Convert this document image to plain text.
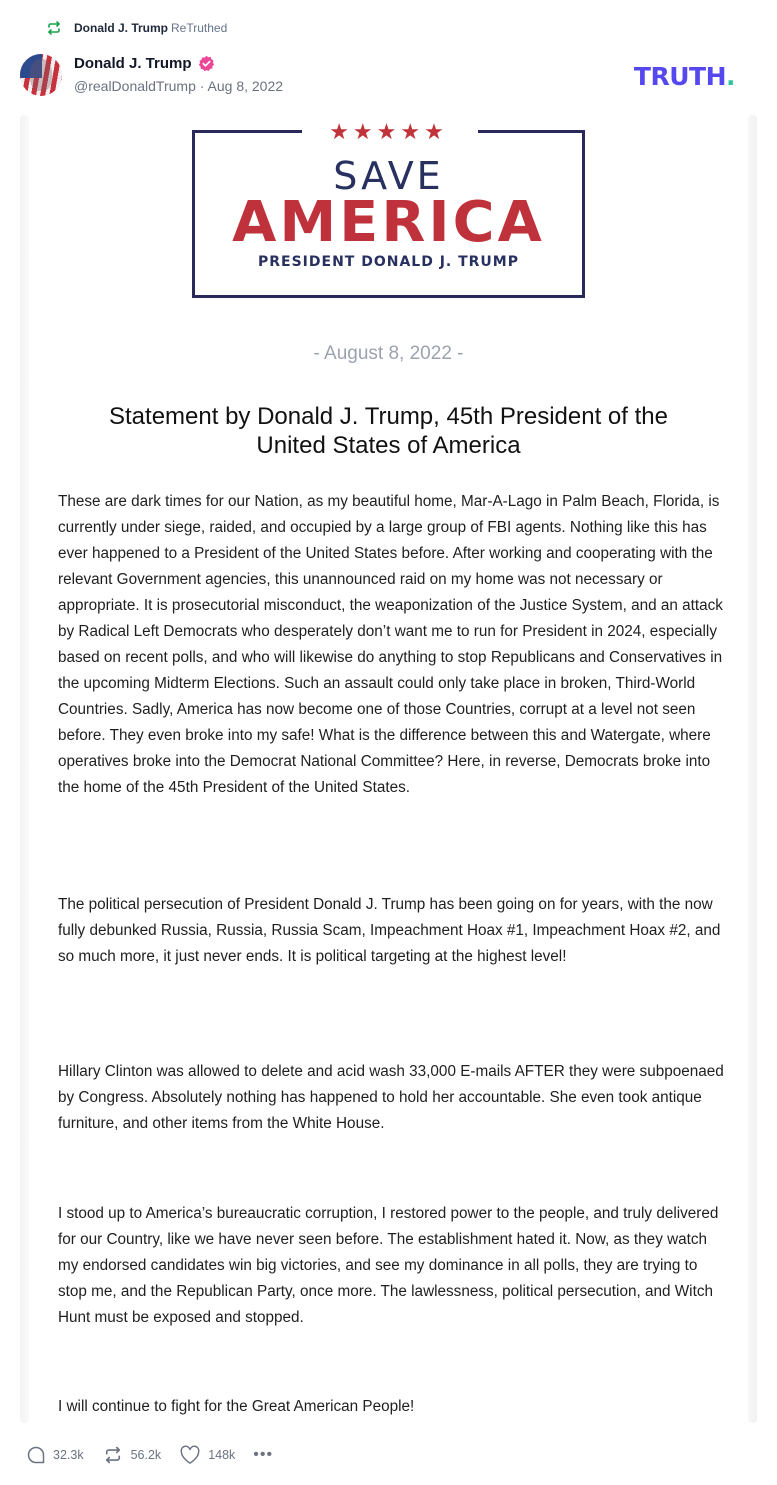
Donald J. Trump ReTruthed
Donald J. Trump
@realDonaldTrump · Aug 8, 2022	TRUTH.
★★★★★
SAVE
AMERICA
PRESIDENT DONALD J. TRUMP
- August 8, 2022 -
Statement by Donald J. Trump, 45th President of the United States of America
These are dark times for our Nation, as my beautiful home, Mar-A-Lago in Palm Beach, Florida, is currently under siege, raided, and occupied by a large group of FBI agents. Nothing like this has ever happened to a President of the United States before. After working and cooperating with the relevant Government agencies, this unannounced raid on my home was not necessary or appropriate. It is prosecutorial misconduct, the weaponization of the Justice System, and an attack by Radical Left Democrats who desperately don’t want me to run for President in 2024, especially based on recent polls, and who will likewise do anything to stop Republicans and Conservatives in the upcoming Midterm Elections. Such an assault could only take place in broken, Third-World Countries. Sadly, America has now become one of those Countries, corrupt at a level not seen before. They even broke into my safe! What is the difference between this and Watergate, where operatives broke into the Democrat National Committee? Here, in reverse, Democrats broke into the home of the 45th President of the United States.
The political persecution of President Donald J. Trump has been going on for years, with the now fully debunked Russia, Russia, Russia Scam, Impeachment Hoax #1, Impeachment Hoax #2, and so much more, it just never ends. It is political targeting at the highest level!
Hillary Clinton was allowed to delete and acid wash 33,000 E-mails AFTER they were subpoenaed by Congress. Absolutely nothing has happened to hold her accountable. She even took antique furniture, and other items from the White House.
I stood up to America’s bureaucratic corruption, I restored power to the people, and truly delivered for our Country, like we have never seen before. The establishment hated it. Now, as they watch my endorsed candidates win big victories, and see my dominance in all polls, they are trying to stop me, and the Republican Party, once more. The lawlessness, political persecution, and Witch Hunt must be exposed and stopped.
I will continue to fight for the Great American People!
32.3k	56.2k	148k •••
